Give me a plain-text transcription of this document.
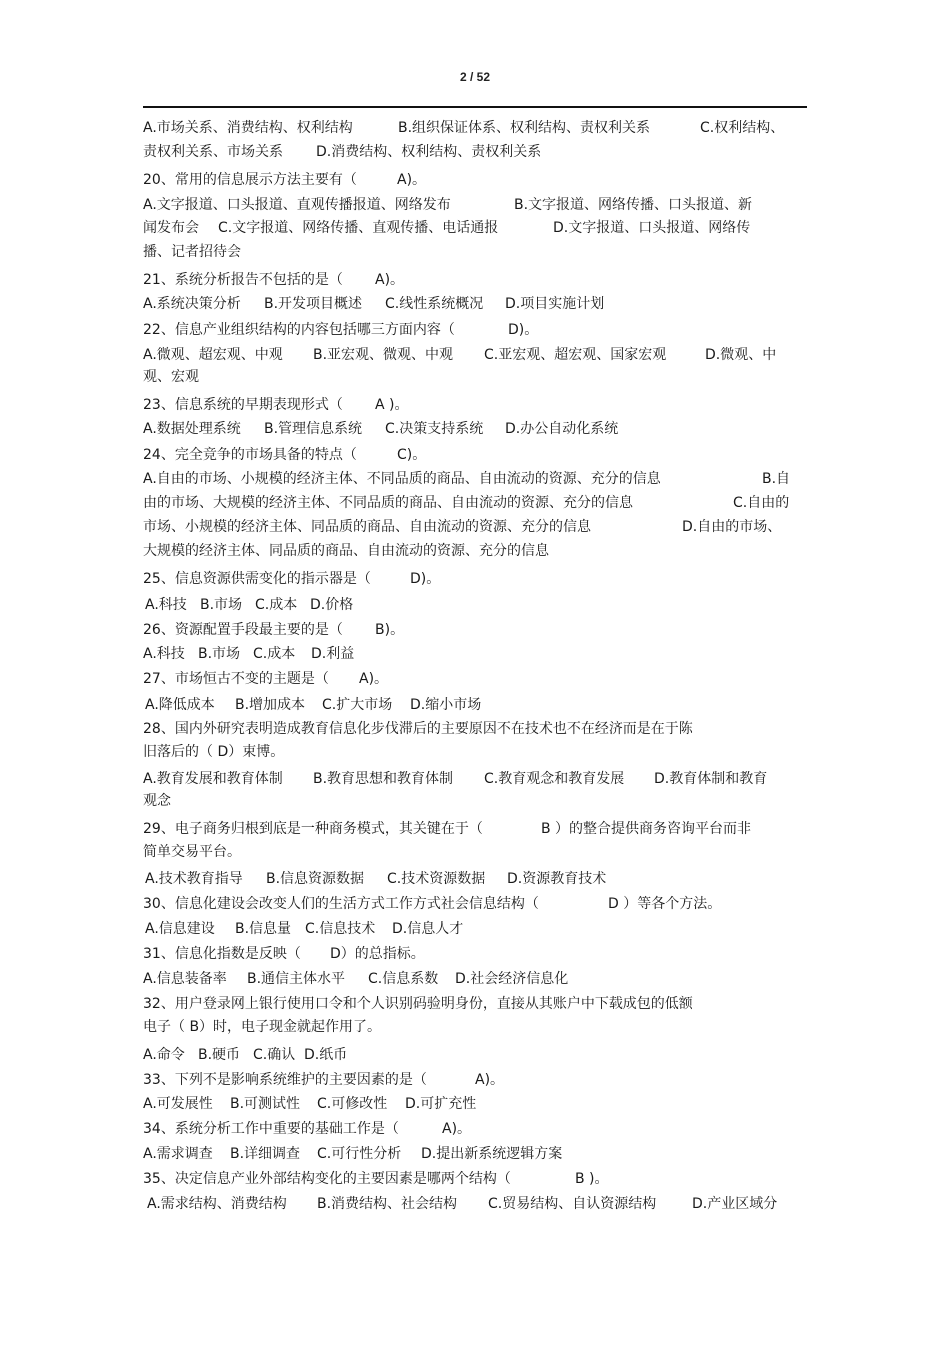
2 / 52
A.市场关系、消费结构、权利结构	B.组织保证体系、权利结构、责权利关系	C.权利结构、
责权利关系、市场关系 D.消费结构、权利结构、责权利关系
20、常用的信息展示方法主要有（	A)。
A.文字报道、口头报道、直观传播报道、网络发布	B.文字报道、网络传播、口头报道、新
闻发布会 C.文字报道、网络传播、直观传播、电话通报	D.文字报道、口头报道、网络传
播、记者招待会
21、系统分析报告不包括的是（ A)。
A.系统决策分析 B.开发项目概述 C.线性系统概况 D.项目实施计划
22、信息产业组织结构的内容包括哪三方面内容（	D)。
A.微观、超宏观、中观 B.亚宏观、微观、中观 C.亚宏观、超宏观、国家宏观	D.微观、中
观、宏观
23、信息系统的早期表现形式（ A )。
A.数据处理系统 B.管理信息系统 C.决策支持系统 D.办公自动化系统
24、完全竞争的市场具备的特点（	C)。
A.自由的市场、小规模的经济主体、不同品质的商品、自由流动的资源、充分的信息	B.自
由的市场、大规模的经济主体、不同品质的商品、自由流动的资源、充分的信息	C.自由的
市场、小规模的经济主体、同品质的商品、自由流动的资源、充分的信息	D.自由的市场、
大规模的经济主体、同品质的商品、自由流动的资源、充分的信息
25、信息资源供需变化的指示器是（	D)。
A.科技 B.市场 C.成本 D.价格
26、资源配置手段最主要的是（ B)。
A.科技 B.市场 C.成本 D.利益
27、市场恒古不变的主题是（ A)。
A.降低成本 B.增加成本 C.扩大市场 D.缩小市场
28、国内外研究表明造成教育信息化步伐滞后的主要原因不在技术也不在经济而是在于陈
旧落后的（ D）束博。
A.教育发展和教育体制 B.教育思想和教育体制 C.教育观念和教育发展 D.教育体制和教育
观念
29、电子商务归根到底是一种商务模式，其关键在于（	B ）的整合提供商务咨询平台而非
简单交易平台。
A.技术教育指导 B.信息资源数据 C.技术资源数据 D.资源教育技术
30、信息化建设会改变人们的生活方式工作方式社会信息结构（	D ）等各个方法。
A.信息建设 B.信息量 C.信息技术 D.信息人才
31、信息化指数是反映（ D）的总指标。
A.信息装备率 B.通信主体水平 C.信息系数 D.社会经济信息化
32、用户登录网上银行使用口令和个人识别码验明身份，直接从其账户中下载成包的低额
电子（ B）时，电子现金就起作用了。
A.命令 B.硬币 C.确认 D.纸币
33、下列不是影响系统维护的主要因素的是（	A)。
A.可发展性 B.可测试性 C.可修改性 D.可扩充性
34、系统分析工作中重要的基础工作是（	A)。
A.需求调查 B.详细调查 C.可行性分析 D.提出新系统逻辑方案
35、决定信息产业外部结构变化的主要因素是哪两个结构（	B )。
A.需求结构、消费结构 B.消费结构、社会结构 C.贸易结构、自认资源结构	D.产业区域分
